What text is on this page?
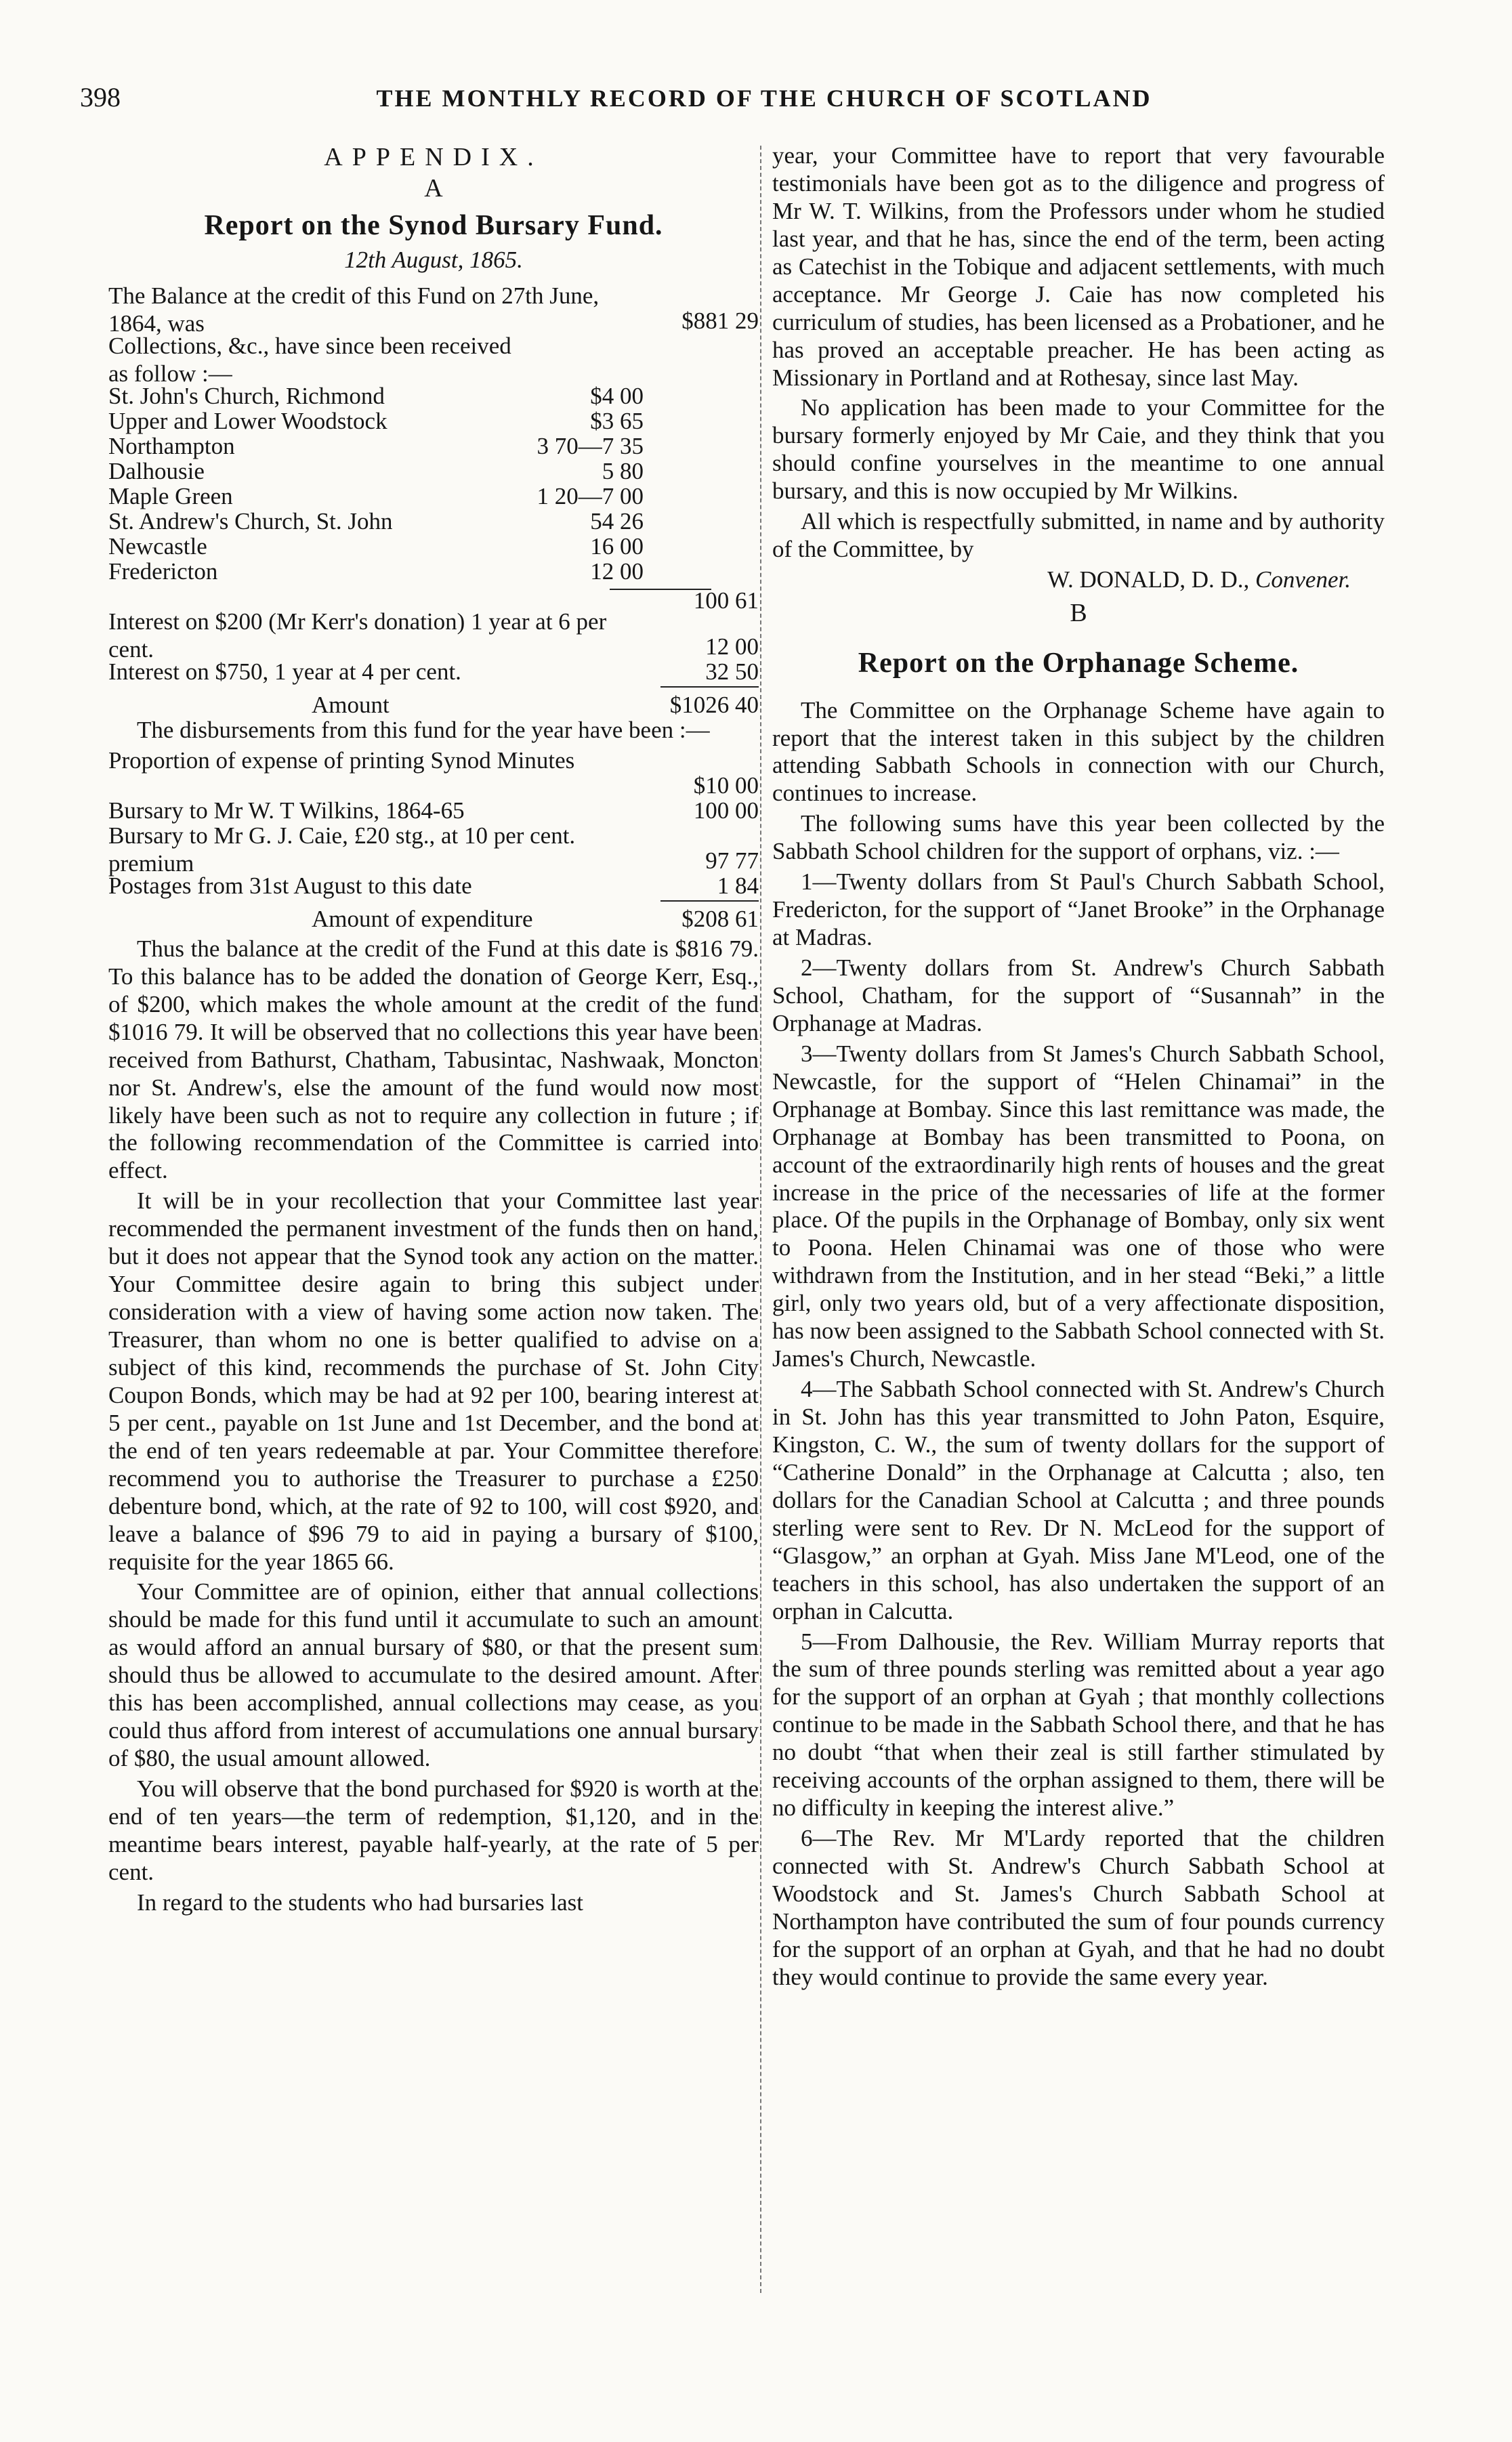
398	THE MONTHLY RECORD OF THE CHURCH OF SCOTLAND
APPENDIX.
A
Report on the Synod Bursary Fund.
12th August, 1865.
The Balance at the credit of this Fund on 27th June, 1864, was	$881 29
Collections, &c., have since been received as follow :—
St. John's Church, Richmond	$4 00
Upper and Lower Woodstock	$3 65
Northampton	3 70—7 35
Dalhousie	5 80
Maple Green	1 20—7 00
St. Andrew's Church, St. John	54 26
Newcastle	16 00
Fredericton	12 00
100 61
Interest on $200 (Mr Kerr's donation) 1 year at 6 per cent.	12 00
Interest on $750, 1 year at 4 per cent.	32 50
Amount	$1026 40

The disbursements from this fund for the year have been :—

Proportion of expense of printing Synod Minutes
$10 00
Bursary to Mr W. T Wilkins, 1864-65	100 00
Bursary to Mr G. J. Caie, £20 stg., at 10 per cent. premium	97 77
Postages from 31st August to this date	1 84
Amount of expenditure	$208 61

Thus the balance at the credit of the Fund at this date is $816 79. To this balance has to be added the donation of George Kerr, Esq., of $200, which makes the whole amount at the credit of the fund $1016 79. It will be observed that no collections this year have been received from Bathurst, Chatham, Tabusintac, Nashwaak, Moncton nor St. Andrew's, else the amount of the fund would now most likely have been such as not to require any collection in future ; if the following recommendation of the Committee is carried into effect.

It will be in your recollection that your Committee last year recommended the permanent investment of the funds then on hand, but it does not appear that the Synod took any action on the matter. Your Committee desire again to bring this subject under consideration with a view of having some action now taken. The Treasurer, than whom no one is better qualified to advise on a subject of this kind, recommends the purchase of St. John City Coupon Bonds, which may be had at 92 per 100, bearing interest at 5 per cent., payable on 1st June and 1st December, and the bond at the end of ten years redeemable at par. Your Committee therefore recommend you to authorise the Treasurer to purchase a £250 debenture bond, which, at the rate of 92 to 100, will cost $920, and leave a balance of $96 79 to aid in paying a bursary of $100, requisite for the year 1865 66.

Your Committee are of opinion, either that annual collections should be made for this fund until it accumulate to such an amount as would afford an annual bursary of $80, or that the present sum should thus be allowed to accumulate to the desired amount. After this has been accomplished, annual collections may cease, as you could thus afford from interest of accumulations one annual bursary of $80, the usual amount allowed.

You will observe that the bond purchased for $920 is worth at the end of ten years—the term of redemption, $1,120, and in the meantime bears interest, payable half-yearly, at the rate of 5 per cent.

In regard to the students who had bursaries last

year, your Committee have to report that very favourable testimonials have been got as to the diligence and progress of Mr W. T. Wilkins, from the Professors under whom he studied last year, and that he has, since the end of the term, been acting as Catechist in the Tobique and adjacent settlements, with much acceptance. Mr George J. Caie has now completed his curriculum of studies, has been licensed as a Probationer, and he has proved an acceptable preacher. He has been acting as Missionary in Portland and at Rothesay, since last May.

No application has been made to your Committee for the bursary formerly enjoyed by Mr Caie, and they think that you should confine yourselves in the meantime to one annual bursary, and this is now occupied by Mr Wilkins.

All which is respectfully submitted, in name and by authority of the Committee, by

W. DONALD, D. D., Convener.
B
Report on the Orphanage Scheme.

The Committee on the Orphanage Scheme have again to report that the interest taken in this subject by the children attending Sabbath Schools in connection with our Church, continues to increase.

The following sums have this year been collected by the Sabbath School children for the support of orphans, viz. :—

1—Twenty dollars from St Paul's Church Sabbath School, Fredericton, for the support of “Janet Brooke” in the Orphanage at Madras.

2—Twenty dollars from St. Andrew's Church Sabbath School, Chatham, for the support of “Susannah” in the Orphanage at Madras.

3—Twenty dollars from St James's Church Sabbath School, Newcastle, for the support of “Helen Chinamai” in the Orphanage at Bombay. Since this last remittance was made, the Orphanage at Bombay has been transmitted to Poona, on account of the extraordinarily high rents of houses and the great increase in the price of the necessaries of life at the former place. Of the pupils in the Orphanage of Bombay, only six went to Poona. Helen Chinamai was one of those who were withdrawn from the Institution, and in her stead “Beki,” a little girl, only two years old, but of a very affectionate disposition, has now been assigned to the Sabbath School connected with St. James's Church, Newcastle.

4—The Sabbath School connected with St. Andrew's Church in St. John has this year transmitted to John Paton, Esquire, Kingston, C. W., the sum of twenty dollars for the support of “Catherine Donald” in the Orphanage at Calcutta ; also, ten dollars for the Canadian School at Calcutta ; and three pounds sterling were sent to Rev. Dr N. McLeod for the support of “Glasgow,” an orphan at Gyah. Miss Jane M'Leod, one of the teachers in this school, has also undertaken the support of an orphan in Calcutta.

5—From Dalhousie, the Rev. William Murray reports that the sum of three pounds sterling was remitted about a year ago for the support of an orphan at Gyah ; that monthly collections continue to be made in the Sabbath School there, and that he has no doubt “that when their zeal is still farther stimulated by receiving accounts of the orphan assigned to them, there will be no difficulty in keeping the interest alive.”

6—The Rev. Mr M'Lardy reported that the children connected with St. Andrew's Church Sabbath School at Woodstock and St. James's Church Sabbath School at Northampton have contributed the sum of four pounds currency for the support of an orphan at Gyah, and that he had no doubt they would continue to provide the same every year.
